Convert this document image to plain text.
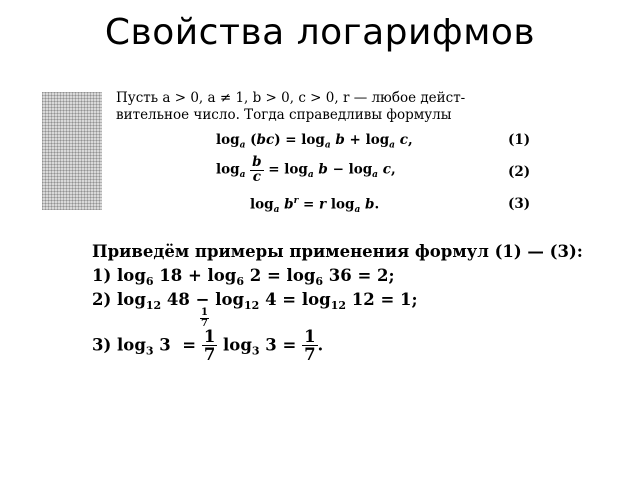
Свойства логарифмов
Пусть a > 0, a ≠ 1, b > 0, c > 0, r — любое дейст-
вительное число. Тогда справедливы формулы
$\log_a (bc) = \log_a b + \log_a c$,	(1)
$\log_a \frac{b}{c} = \log_a b - \log_a c$,	(2)
$\log_a b^r = r$ $\log_a b$.	(3)
Приведём примеры применения формул (1) — (3):
1) $\log_6 18 + \log_6 2 = \log_6 36 = 2$;
2) $\log_{12} 48 - \log_{12} 4 = \log_{12} 12 = 1$;
1
7
3) $\log_3 3 = \frac{1}{7} \log_3 3 = \frac{1}{7}$ .
